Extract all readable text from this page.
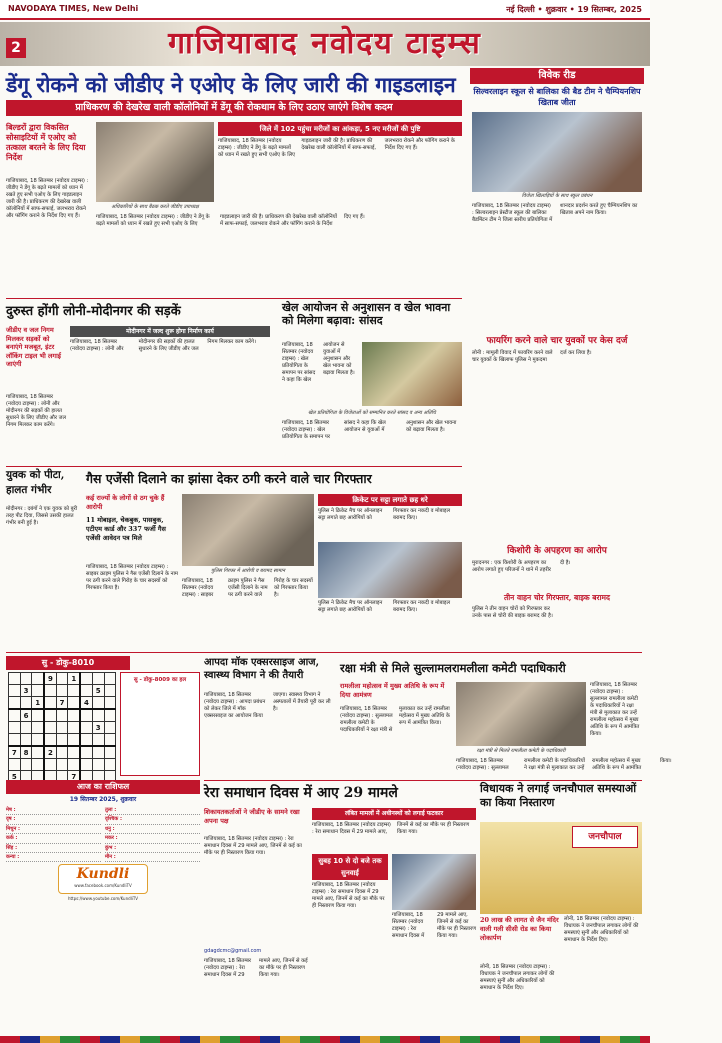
NAVODAYA TIMES, New Delhi	नई दिल्ली • शुक्रवार • 19 सितम्बर, 2025
2	गाजियाबाद नवोदय टाइम्स
डेंगू रोकने को जीडीए ने एओए के लिए जारी की गाइडलाइन
प्राधिकरण की देखरेख वाली कॉलोनियों में डेंगू की रोकथाम के लिए उठाए जाएंगे विशेष कदम
बिल्डरों द्वारा विकसित सोसाइटियों में एओए को तत्काल बरतने के लिए दिया निर्देश
गाजियाबाद, 18 सितम्बर (नवोदय टाइम्स) : जीडीए ने डेंगू के बढ़ते मामलों को ध्यान में रखते हुए सभी एओए के लिए गाइडलाइन जारी की है। प्राधिकरण की देखरेख वाली कॉलोनियों में साफ-सफाई, जलभराव रोकने और फॉगिंग कराने के निर्देश दिए गए हैं।
जिले में 102 पहुंचा मरीजों का आंकड़ा, 5 नए मरीजों की पुष्टि
गाजियाबाद, 18 सितम्बर (नवोदय टाइम्स) : जीडीए ने डेंगू के बढ़ते मामलों को ध्यान में रखते हुए सभी एओए के लिए गाइडलाइन जारी की है। प्राधिकरण की देखरेख वाली कॉलोनियों में साफ-सफाई, जलभराव रोकने और फॉगिंग कराने के निर्देश दिए गए हैं।
अधिकारियों के साथ बैठक करते जीडीए उपाध्यक्ष
गाजियाबाद, 18 सितम्बर (नवोदय टाइम्स) : जीडीए ने डेंगू के बढ़ते मामलों को ध्यान में रखते हुए सभी एओए के लिए गाइडलाइन जारी की है। प्राधिकरण की देखरेख वाली कॉलोनियों में साफ-सफाई, जलभराव रोकने और फॉगिंग कराने के निर्देश दिए गए हैं।
विवेक रीड
सिल्वरलाइन स्कूल से बालिका की बैड टीम ने चैम्पियनशिप खिताब जीता
विजेता खिलाड़ियों के साथ स्कूल प्रबंधन
गाजियाबाद, 18 सितम्बर (नवोदय टाइम्स) : सिल्वरलाइन प्रेस्टीज स्कूल की बालिका बैडमिंटन टीम ने जिला स्तरीय प्रतियोगिता में शानदार प्रदर्शन करते हुए चैम्पियनशिप का खिताब अपने नाम किया।
दुरुस्त होंगी लोनी-मोदीनगर की सड़कें
जीडीए व जल निगम मिलकर सड़कों को बनाएंगे मजबूत, इंटर लॉकिंग टाइल भी लगाई जाएंगी
मोदीनगर में जल्द शुरू होगा निर्माण कार्य
गाजियाबाद, 18 सितम्बर (नवोदय टाइम्स) : लोनी और मोदीनगर की सड़कों की हालत सुधारने के लिए जीडीए और जल निगम मिलकर काम करेंगे।
गाजियाबाद, 18 सितम्बर (नवोदय टाइम्स) : लोनी और मोदीनगर की सड़कों की हालत सुधारने के लिए जीडीए और जल निगम मिलकर काम करेंगे।
खेल आयोजन से अनुशासन व खेल भावना को मिलेगा बढ़ावा: सांसद
गाजियाबाद, 18 सितम्बर (नवोदय टाइम्स) : खेल प्रतियोगिता के समापन पर सांसद ने कहा कि खेल आयोजन से युवाओं में अनुशासन और खेल भावना को बढ़ावा मिलता है।
खेल प्रतियोगिता के विजेताओं को सम्मानित करते सांसद व अन्य अतिथि
गाजियाबाद, 18 सितम्बर (नवोदय टाइम्स) : खेल प्रतियोगिता के समापन पर सांसद ने कहा कि खेल आयोजन से युवाओं में अनुशासन और खेल भावना को बढ़ावा मिलता है।
फायरिंग करने वाले चार युवकों पर केस दर्ज
लोनी : मामूली विवाद में फायरिंग करने वाले चार युवकों के खिलाफ पुलिस ने मुकदमा दर्ज कर लिया है।
किशोरी के अपहरण का आरोप
मुरादनगर : एक किशोरी के अपहरण का आरोप लगाते हुए परिजनों ने थाने में तहरीर दी है।
तीन वाहन चोर गिरफ्तार, बाइक बरामद
पुलिस ने तीन वाहन चोरों को गिरफ्तार कर उनके पास से चोरी की बाइक बरामद की है।
युवक को पीटा, हालत गंभीर
मोदीनगर : दबंगों ने एक युवक को बुरी तरह पीट दिया, जिससे उसकी हालत गंभीर बनी हुई है।
गैस एजेंसी दिलाने का झांसा देकर ठगी करने वाले चार गिरफ्तार
कई राज्यों के लोगों से ठग चुके हैं आरोपी
11 मोबाइल, चेकबुक, पासबुक, एटीएम कार्ड और 337 फर्जी गैस एजेंसी आवेदन पत्र मिले
गाजियाबाद, 18 सितम्बर (नवोदय टाइम्स) : साइबर क्राइम पुलिस ने गैस एजेंसी दिलाने के नाम पर ठगी करने वाले गिरोह के चार सदस्यों को गिरफ्तार किया है।
पुलिस गिरफ्त में आरोपी व बरामद सामान
गाजियाबाद, 18 सितम्बर (नवोदय टाइम्स) : साइबर क्राइम पुलिस ने गैस एजेंसी दिलाने के नाम पर ठगी करने वाले गिरोह के चार सदस्यों को गिरफ्तार किया है।
क्रिकेट पर सट्टा लगाते छह धरे
पुलिस ने क्रिकेट मैच पर ऑनलाइन सट्टा लगाते छह आरोपियों को गिरफ्तार कर नकदी व मोबाइल बरामद किए।
पुलिस ने क्रिकेट मैच पर ऑनलाइन सट्टा लगाते छह आरोपियों को गिरफ्तार कर नकदी व मोबाइल बरामद किए।
सु - डोकु-8010
			9		1			
	3						5	
		1		7		4		
	6							
							3	

7	8		2					

5					7			
सु - डोकु-8009 का हल
आज का राशिफल
19 सितम्बर 2025, शुक्रवार
मेष :
वृष :
मिथुन :
कर्क :
सिंह :
कन्या :
तुला :
वृश्चिक :
धनु :
मकर :
कुंभ :
मीन :
Kundli
www.facebook.com/KundliTV
https://www.youtube.com/KundliTV
आपदा मॉक एक्सरसाइज आज, स्वास्थ्य विभाग ने की तैयारी
गाजियाबाद, 18 सितम्बर (नवोदय टाइम्स) : आपदा प्रबंधन को लेकर जिले में मॉक एक्सरसाइज का आयोजन किया जाएगा। स्वास्थ्य विभाग ने अस्पतालों में तैयारी पूरी कर ली है।
रक्षा मंत्री से मिले सुल्लामलरामलीला कमेटी पदाधिकारी
रामलीला महोत्सव में मुख्य अतिथि के रूप में दिया आमंत्रण
गाजियाबाद, 18 सितम्बर (नवोदय टाइम्स) : सुल्लामल रामलीला कमेटी के पदाधिकारियों ने रक्षा मंत्री से मुलाकात कर उन्हें रामलीला महोत्सव में मुख्य अतिथि के रूप में आमंत्रित किया।
रक्षा मंत्री से मिलते रामलीला कमेटी के पदाधिकारी
गाजियाबाद, 18 सितम्बर (नवोदय टाइम्स) : सुल्लामल रामलीला कमेटी के पदाधिकारियों ने रक्षा मंत्री से मुलाकात कर उन्हें रामलीला महोत्सव में मुख्य अतिथि के रूप में आमंत्रित किया।
गाजियाबाद, 18 सितम्बर (नवोदय टाइम्स) : सुल्लामल रामलीला कमेटी के पदाधिकारियों ने रक्षा मंत्री से मुलाकात कर उन्हें रामलीला महोत्सव में मुख्य अतिथि के रूप में आमंत्रित किया।
रेरा समाधान दिवस में आए 29 मामले
शिकायतकर्ताओं ने जीडीए के सामने रखा अपना पक्ष
गाजियाबाद, 18 सितम्बर (नवोदय टाइम्स) : रेरा समाधान दिवस में 29 मामले आए, जिनमें से कई का मौके पर ही निस्तारण किया गया।
gdagdcmc@gmail.com
गाजियाबाद, 18 सितम्बर (नवोदय टाइम्स) : रेरा समाधान दिवस में 29 मामले आए, जिनमें से कई का मौके पर ही निस्तारण किया गया।
लंबित मामलों में अधीनस्थों को लगाई फटकार
गाजियाबाद, 18 सितम्बर (नवोदय टाइम्स) : रेरा समाधान दिवस में 29 मामले आए, जिनमें से कई का मौके पर ही निस्तारण किया गया।
सुबह 10 से दो बजे तक सुनवाई
गाजियाबाद, 18 सितम्बर (नवोदय टाइम्स) : रेरा समाधान दिवस में 29 मामले आए, जिनमें से कई का मौके पर ही निस्तारण किया गया।
गाजियाबाद, 18 सितम्बर (नवोदय टाइम्स) : रेरा समाधान दिवस में 29 मामले आए, जिनमें से कई का मौके पर ही निस्तारण किया गया।
विधायक ने लगाई जनचौपाल समस्याओं का किया निस्तारण
जनचौपाल
20 लाख की लागत से जैन मंदिर वाली गली सीसी रोड का किया लोकार्पण
लोनी, 18 सितम्बर (नवोदय टाइम्स) : विधायक ने जनचौपाल लगाकर लोगों की समस्याएं सुनीं और अधिकारियों को समाधान के निर्देश दिए।
लोनी, 18 सितम्बर (नवोदय टाइम्स) : विधायक ने जनचौपाल लगाकर लोगों की समस्याएं सुनीं और अधिकारियों को समाधान के निर्देश दिए।
